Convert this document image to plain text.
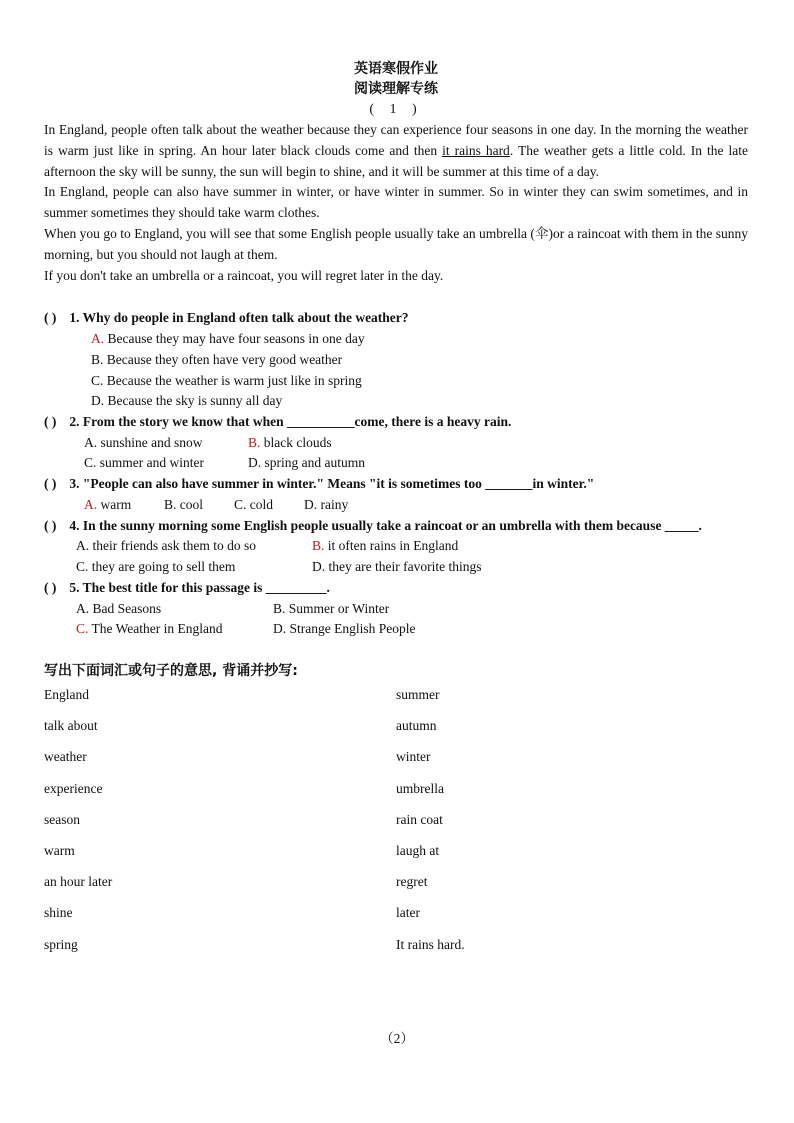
英语寒假作业
阅读理解专练
( 1 )

In England, people often talk about the weather because they can experience four seasons in one day. In the morning the weather is warm just like in spring. An hour later black clouds come and then it rains hard. The weather gets a little cold. In the late afternoon the sky will be sunny, the sun will begin to shine, and it will be summer at this time of a day.

In England, people can also have summer in winter, or have winter in summer. So in winter they can swim sometimes, and in summer sometimes they should take warm clothes.

When you go to England, you will see that some English people usually take an umbrella (伞)or a raincoat with them in the sunny morning, but you should not laugh at them.

If you don't take an umbrella or a raincoat, you will regret later in the day.

( ) 1. Why do people in England often talk about the weather?
A. Because they may have four seasons in one day
B. Because they often have very good weather
C. Because the weather is warm just like in spring
D. Because the sky is sunny all day
( ) 2. From the story we know that when __________come, there is a heavy rain.
A. sunshine and snow	B. black clouds
C. summer and winter	D. spring and autumn
( ) 3. "People can also have summer in winter." Means "it is sometimes too _______in winter."
A. warm B. cool C. cold D. rainy
( ) 4. In the sunny morning some English people usually take a raincoat or an umbrella with them because _____.
A. their friends ask them to do so	B. it often rains in England
C. they are going to sell them	D. they are their favorite things
( ) 5. The best title for this passage is _________.
A. Bad Seasons	B. Summer or Winter
C. The Weather in England	D. Strange English People
写出下面词汇或句子的意思, 背诵并抄写:
England	summer
talk about	autumn
weather	winter
experience	umbrella
season	rain coat
warm	laugh at
an hour later	regret
shine	later
spring	It rains hard.
（2）
